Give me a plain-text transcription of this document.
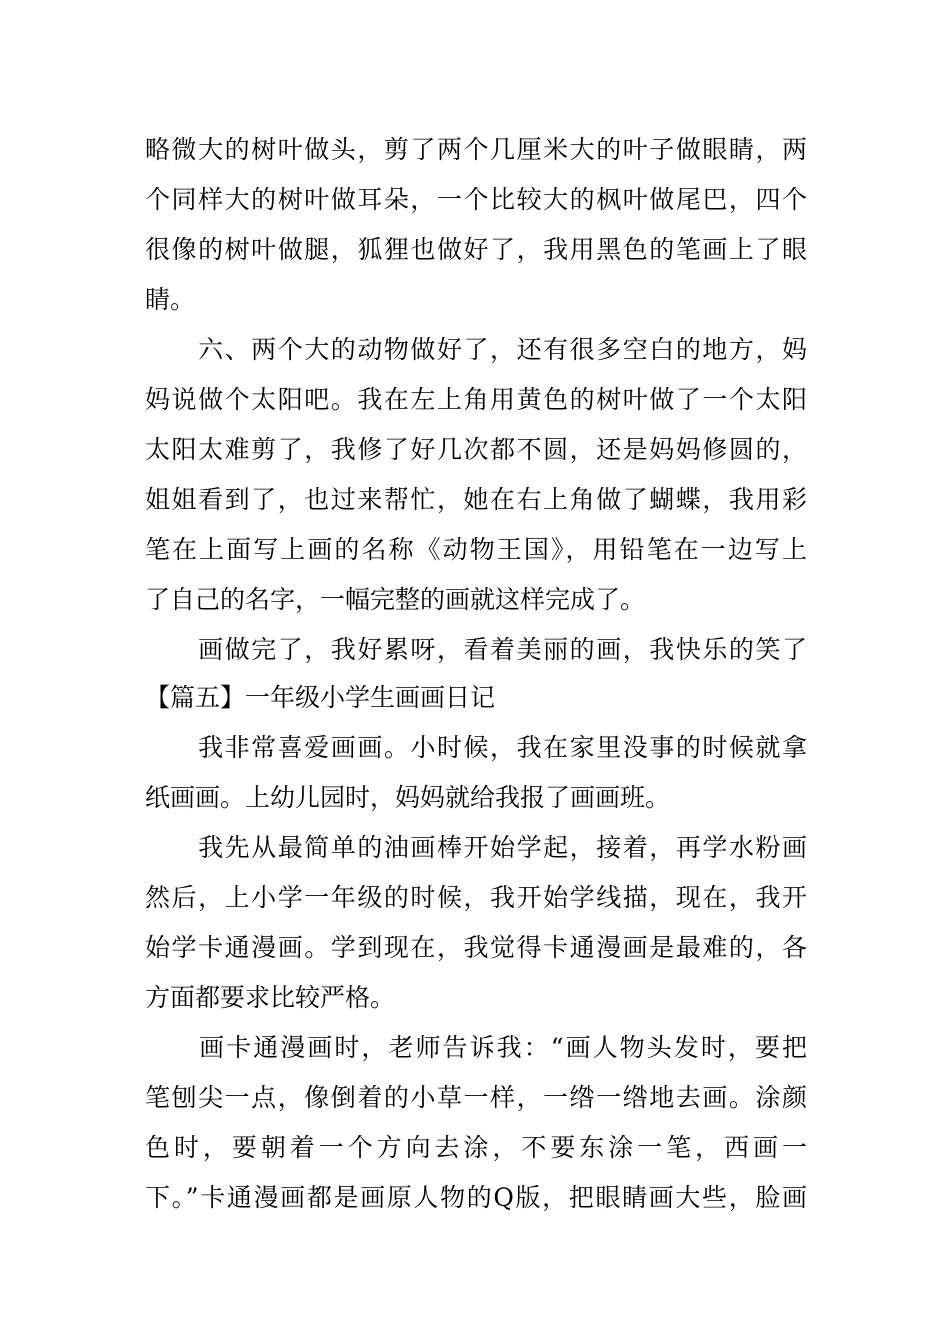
略微大的树叶做头，剪了两个几厘米大的叶子做眼睛，两
个同样大的树叶做耳朵，一个比较大的枫叶做尾巴，四个
很像的树叶做腿，狐狸也做好了，我用黑色的笔画上了眼
睛。
　　六、两个大的动物做好了，还有很多空白的地方，妈
妈说做个太阳吧。我在左上角用黄色的树叶做了一个太阳
太阳太难剪了，我修了好几次都不圆，还是妈妈修圆的，
姐姐看到了，也过来帮忙，她在右上角做了蝴蝶，我用彩
笔在上面写上画的名称《动物王国》，用铅笔在一边写上
了自己的名字，一幅完整的画就这样完成了。
　　画做完了，我好累呀，看着美丽的画，我快乐的笑了
【篇五】一年级小学生画画日记
　　我非常喜爱画画。小时候，我在家里没事的时候就拿
纸画画。上幼儿园时，妈妈就给我报了画画班。
　　我先从最简单的油画棒开始学起，接着，再学水粉画
然后，上小学一年级的时候，我开始学线描，现在，我开
始学卡通漫画。学到现在，我觉得卡通漫画是最难的，各
方面都要求比较严格。
　　画卡通漫画时，老师告诉我：“画人物头发时，要把
笔刨尖一点，像倒着的小草一样，一绺一绺地去画。涂颜
色时，要朝着一个方向去涂，不要东涂一笔，西画一
下。”卡通漫画都是画原人物的Q版，把眼睛画大些，脸画
